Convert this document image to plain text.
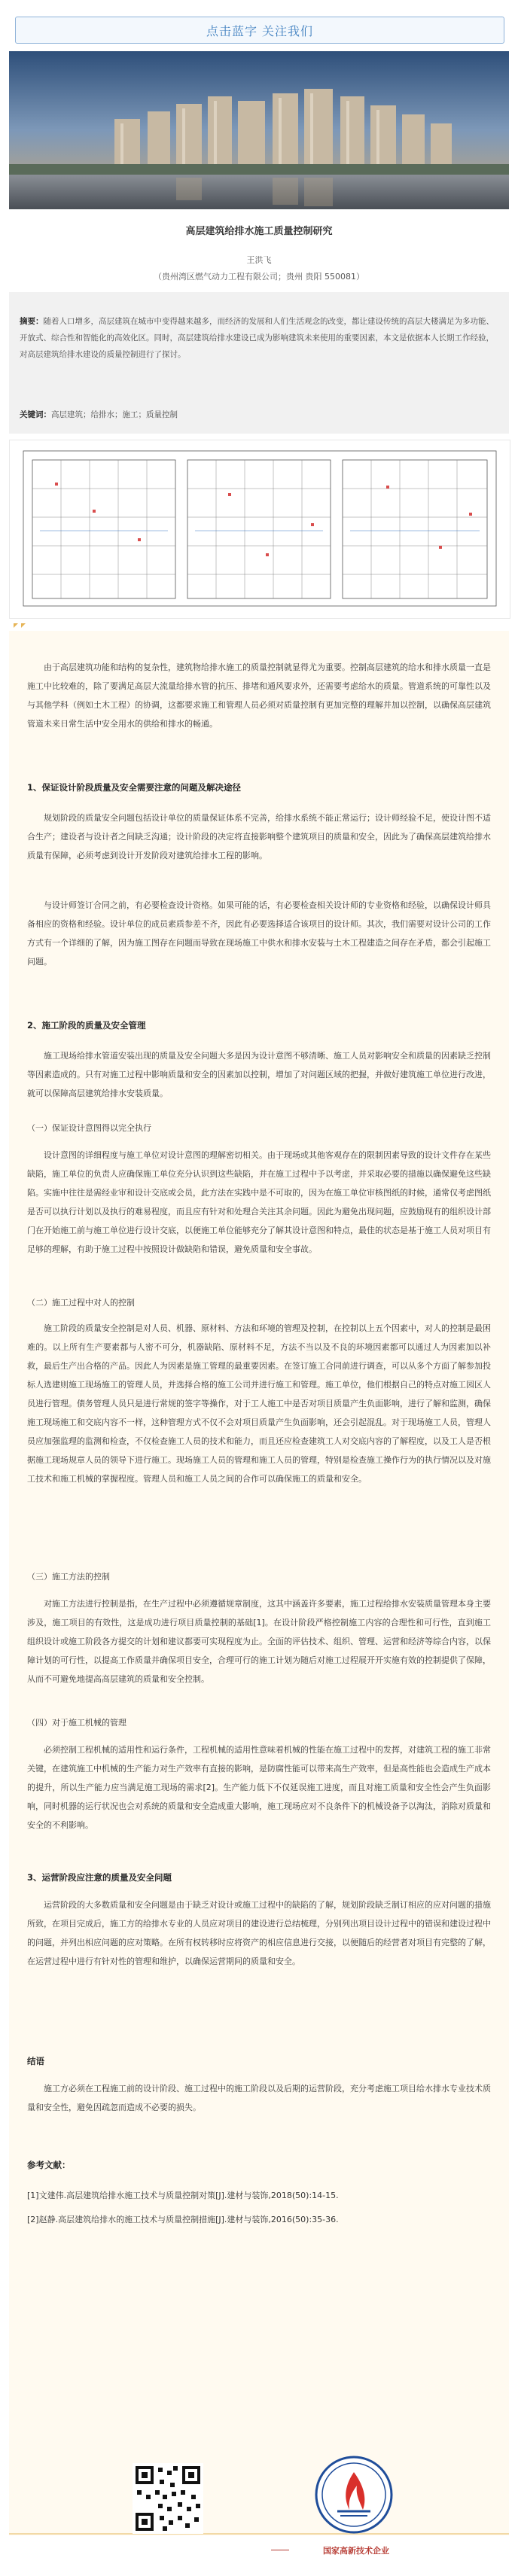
点击蓝字 关注我们
高层建筑给排水施工质量控制研究
王洪飞
（贵州湾区燃气动力工程有限公司；贵州 贵阳 550081）

摘要：随着人口增多，高层建筑在城市中变得越来越多，而经济的发展和人们生活观念的改变，都让建设传统的高层大楼满足为多功能、开放式、综合性和智能化的高效化区。同时，高层建筑给排水建设已成为影响建筑未来使用的重要因素，本文是依据本人长期工作经验，对高层建筑给排水建设的质量控制进行了探讨。

关键词：高层建筑；给排水；施工；质量控制

由于高层建筑功能和结构的复杂性，建筑物给排水施工的质量控制就显得尤为重要。控制高层建筑的给水和排水质量一直是施工中比较难的，除了要满足高层大流量给排水管的抗压、排堵和通风要求外，还需要考虑给水的质量。管道系统的可靠性以及与其他学科（例如土木工程）的协调，这都要求施工和管理人员必须对质量控制有更加完整的理解并加以控制，以确保高层建筑管道未来日常生活中安全用水的供给和排水的畅通。

1、保证设计阶段质量及安全需要注意的问题及解决途径

规划阶段的质量安全问题包括设计单位的质量保证体系不完善，给排水系统不能正常运行；设计师经验不足，使设计图不适合生产；建设者与设计者之间缺乏沟通；设计阶段的决定将直接影响整个建筑项目的质量和安全，因此为了确保高层建筑给排水质量有保障，必须考虑到设计开发阶段对建筑给排水工程的影响。

与设计师签订合同之前，有必要检查设计资格。如果可能的话，有必要检查相关设计师的专业资格和经验，以确保设计师具备相应的资格和经验。设计单位的成员素质参差不齐，因此有必要选择适合该项目的设计师。其次，我们需要对设计公司的工作方式有一个详细的了解，因为施工图存在问题而导致在现场施工中供水和排水安装与土木工程建造之间存在矛盾，都会引起施工问题。

2、施工阶段的质量及安全管理

施工现场给排水管道安装出现的质量及安全问题大多是因为设计意图不够清晰、施工人员对影响安全和质量的因素缺乏控制等因素造成的。只有对施工过程中影响质量和安全的因素加以控制，增加了对问题区域的把握，并做好建筑施工单位进行改进，就可以保障高层建筑给排水安装质量。

（一）保证设计意图得以完全执行

设计意图的详细程度与施工单位对设计意图的理解密切相关。由于现场或其他客观存在的限制因素导致的设计文件存在某些缺陷，施工单位的负责人应确保施工单位充分认识到这些缺陷，并在施工过程中予以考虑，并采取必要的措施以确保避免这些缺陷。实施中往往是需经业审和设计交底或会员，此方法在实践中是不可取的，因为在施工单位审核图纸的时候，通常仅考虑图纸是否可以执行计划以及执行的难易程度，而且应有针对和处理合关注其余问题。因此为避免出现问题，应鼓励现有的组织设计部门在开始施工前与施工单位进行设计交底，以便施工单位能够充分了解其设计意图和特点，最佳的状态是基于施工人员对项目有足够的理解，有助于施工过程中按照设计做缺陷和错误，避免质量和安全事故。

（二）施工过程中对人的控制

施工阶段的质量安全控制是对人员、机器、原材料、方法和环境的管理及控制，在控制以上五个因素中，对人的控制是最困难的。以上所有生产要素都与人密不可分，机器缺陷、原材料不足，方法不当以及不良的环境因素都可以通过人为因素加以补救，最后生产出合格的产品。因此人为因素是施工管理的最重要因素。在签订施工合同前进行调查，可以从多个方面了解参加投标人选建则施工现场施工的管理人员，并选择合格的施工公司并进行施工和管理。施工单位，他们根据自己的特点对施工园区人员进行管理。债务管理人员只是进行常规的签字等操作，对于工人施工中是否对项目质量产生负面影响，进行了解和监测，确保施工现场施工和交底内容不一样，这种管理方式不仅不会对项目质量产生负面影响，还会引起混乱。对于现场施工人员，管理人员应加强监理的监测和检查，不仅检查施工人员的技术和能力，而且还应检查建筑工人对交底内容的了解程度，以及工人是否根据施工现场规章人员的领导下进行施工。现场施工人员的管理和施工人员的管理，特别是检查施工操作行为的执行情况以及对施工技术和施工机械的掌握程度。管理人员和施工人员之间的合作可以确保施工的质量和安全。

（三）施工方法的控制

对施工方法进行控制是指，在生产过程中必须遵循规章制度，这其中涵盖许多要素，施工过程给排水安装质量管理本身主要涉及，施工项目的有效性，这是成功进行项目质量控制的基础[1]。在设计阶段严格控制施工内容的合理性和可行性，直到施工组织设计或施工阶段各方提交的计划和建议都要可实现程度为止。全面的评估技术、组织、管理、运营和经济等综合内容，以保障计划的可行性，以提高工作质量并确保项目安全，合理可行的施工计划为随后对施工过程展开开实施有效的控制提供了保障，从而不可避免地提高高层建筑的质量和安全控制。

（四）对于施工机械的管理

必须控制工程机械的适用性和运行条件，工程机械的适用性意味着机械的性能在施工过程中的发挥，对建筑工程的施工非常关键，在建筑施工中机械的生产能力对生产效率有直接的影响，是防腐性能可以带来高生产效率，但是高性能也会造成生产成本的提升，所以生产能力应当满足施工现场的需求[2]。生产能力低下不仅延误施工进度，而且对施工质量和安全性会产生负面影响，同时机器的运行状况也会对系统的质量和安全造成重大影响，施工现场应对不良条件下的机械设备予以淘汰，消除对质量和安全的不利影响。

3、运营阶段应注意的质量及安全问题

运营阶段的大多数质量和安全问题是由于缺乏对设计或施工过程中的缺陷的了解，规划阶段缺乏制订相应的应对问题的措施所致，在项目完成后，施工方的给排水专业的人员应对项目的建设进行总结梳理，分别列出项目设计过程中的错误和建设过程中的问题，并列出相应问题的应对策略。在所有权转移时应将资产的相应信息进行交接，以便随后的经营者对项目有完整的了解，在运营过程中进行有针对性的管理和维护，以确保运营期间的质量和安全。

结语

施工方必须在工程施工前的设计阶段、施工过程中的施工阶段以及后期的运营阶段，充分考虑施工项目给水排水专业技术质量和安全性，避免因疏忽而造成不必要的损失。

参考文献：

[1]文建伟.高层建筑给排水施工技术与质量控制对策[J].建材与装饰,2018(50):14-15.

[2]赵静.高层建筑给排水的施工技术与质量控制措施[J].建材与装饰,2016(50):35-36.

国家高新技术企业
